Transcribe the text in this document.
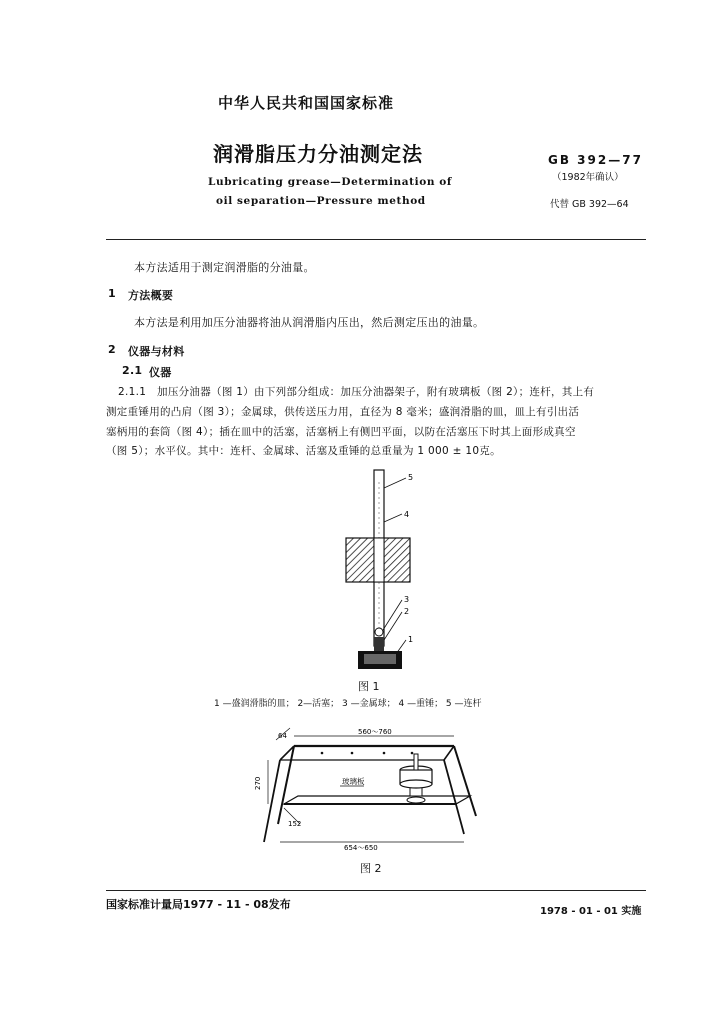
中华人民共和国国家标准
润滑脂压力分油测定法
Lubricating grease—Determination of
oil separation—Pressure method
GB 392—77
（1982年确认）
代替 GB 392—64
本方法适用于测定润滑脂的分油量。
1 方法概要
本方法是利用加压分油器将油从润滑脂内压出，然后测定压出的油量。
2 仪器与材料
2.1 仪器
2.1.1　加压分油器（图 1）由下列部分组成：加压分油器架子，附有玻璃板（图 2）；连杆，其上有
测定重锤用的凸肩（图 3）；金属球，供传送压力用，直径为 8 毫米；盛润滑脂的皿，皿上有引出活
塞柄用的套筒（图 4）；插在皿中的活塞，活塞柄上有侧凹平面，以防在活塞压下时其上面形成真空
（图 5）；水平仪。其中：连杆、金属球、活塞及重锤的总重量为 1 000 ± 10克。
5
4
3
2
1
图 1
1 —盛润滑脂的皿； 2—活塞； 3 —金属球； 4 —重锤； 5 —连杆
560～760
654～650
270
64
152
玻璃板
图 2
国家标准计量局1977 - 11 - 08发布
1978 - 01 - 01 实施
